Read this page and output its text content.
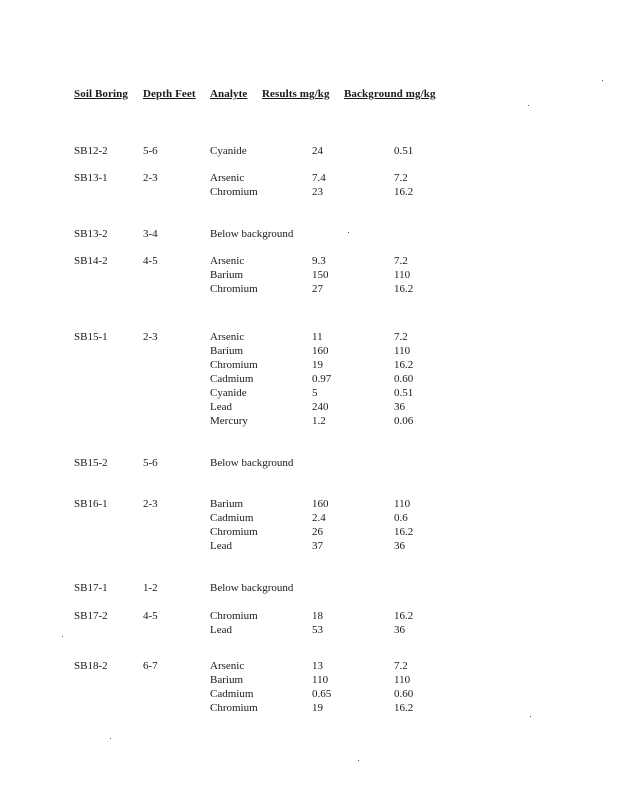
Soil Boring Depth Feet Analyte Results mg/kg Background mg/kg
SB12-2	5-6	Cyanide	24	0.51
SB13-1	2-3	Arsenic	7.4	7.2
Chromium	23	16.2
SB13-2	3-4	Below background
SB14-2	4-5	Arsenic	9.3	7.2
Barium	150	110
Chromium	27	16.2
SB15-1	2-3	Arsenic	11	7.2
Barium	160	110
Chromium	19	16.2
Cadmium	0.97	0.60
Cyanide	5	0.51
Lead	240	36
Mercury	1.2	0.06
SB15-2	5-6	Below background
SB16-1	2-3	Barium	160	110
Cadmium	2.4	0.6
Chromium	26	16.2
Lead	37	36
SB17-1	1-2	Below background
SB17-2	4-5	Chromium	18	16.2
Lead	53	36
SB18-2	6-7	Arsenic	13	7.2
Barium	110	110
Cadmium	0.65	0.60
Chromium	19	16.2
